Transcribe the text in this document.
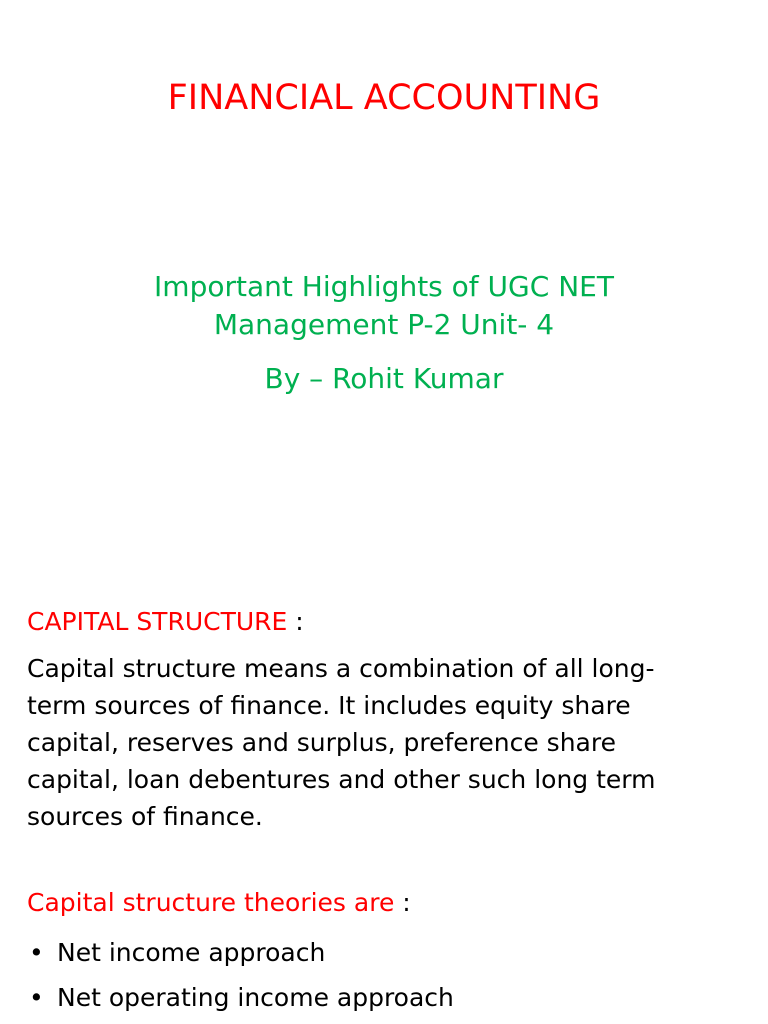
FINANCIAL ACCOUNTING
Important Highlights of UGC NET
Management P-2 Unit- 4
By – Rohit Kumar
CAPITAL STRUCTURE :
Capital structure means a combination of all long-
term sources of finance. It includes equity share
capital, reserves and surplus, preference share
capital, loan debentures and other such long term
sources of finance.
Capital structure theories are :
• Net income approach
• Net operating income approach
